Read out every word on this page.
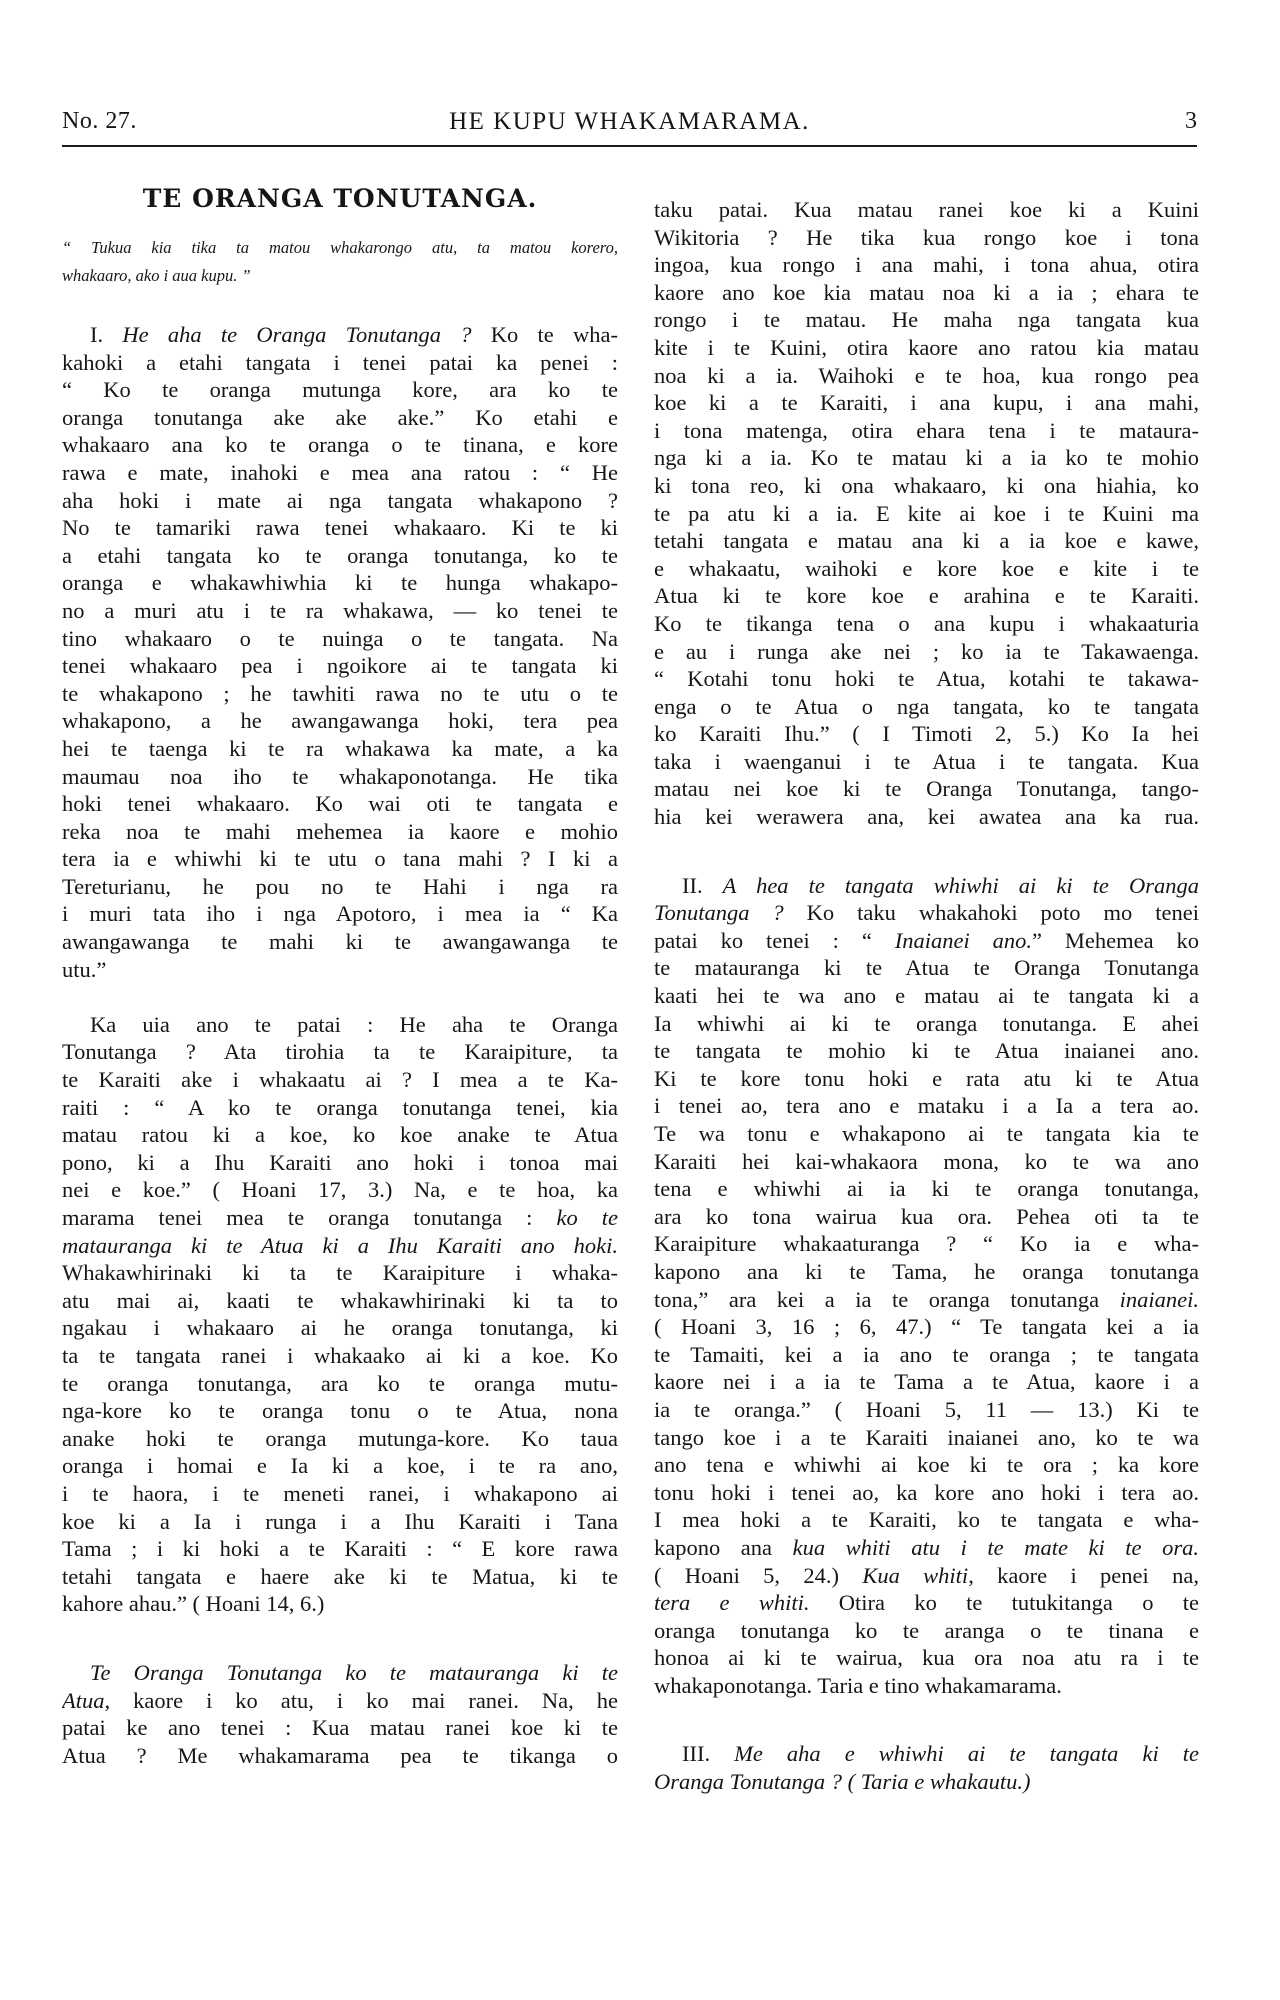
No. 27.	HE KUPU WHAKAMARAMA.	3
TE ORANGA TONUTANGA.
“ Tukua kia tika ta matou whakarongo atu, ta matou korero,
whakaaro, ako i aua kupu. ”
I. He aha te Oranga Tonutanga ? Ko te wha-
kahoki a etahi tangata i tenei patai ka penei :
“ Ko te oranga mutunga kore, ara ko te
oranga tonutanga ake ake ake.” Ko etahi e
whakaaro ana ko te oranga o te tinana, e kore
rawa e mate, inahoki e mea ana ratou : “ He
aha hoki i mate ai nga tangata whakapono ?
No te tamariki rawa tenei whakaaro. Ki te ki
a etahi tangata ko te oranga tonutanga, ko te
oranga e whakawhiwhia ki te hunga whakapo-
no a muri atu i te ra whakawa, — ko tenei te
tino whakaaro o te nuinga o te tangata. Na
tenei whakaaro pea i ngoikore ai te tangata ki
te whakapono ; he tawhiti rawa no te utu o te
whakapono, a he awangawanga hoki, tera pea
hei te taenga ki te ra whakawa ka mate, a ka
maumau noa iho te whakaponotanga. He tika
hoki tenei whakaaro. Ko wai oti te tangata e
reka noa te mahi mehemea ia kaore e mohio
tera ia e whiwhi ki te utu o tana mahi ? I ki a
Tereturianu, he pou no te Hahi i nga ra
i muri tata iho i nga Apotoro, i mea ia “ Ka
awangawanga te mahi ki te awangawanga te
utu.”
Ka uia ano te patai : He aha te Oranga
Tonutanga ? Ata tirohia ta te Karaipiture, ta
te Karaiti ake i whakaatu ai ? I mea a te Ka-
raiti : “ A ko te oranga tonutanga tenei, kia
matau ratou ki a koe, ko koe anake te Atua
pono, ki a Ihu Karaiti ano hoki i tonoa mai
nei e koe.” ( Hoani 17, 3.) Na, e te hoa, ka
marama tenei mea te oranga tonutanga : ko te
matauranga ki te Atua ki a Ihu Karaiti ano hoki.
Whakawhirinaki ki ta te Karaipiture i whaka-
atu mai ai, kaati te whakawhirinaki ki ta to
ngakau i whakaaro ai he oranga tonutanga, ki
ta te tangata ranei i whakaako ai ki a koe. Ko
te oranga tonutanga, ara ko te oranga mutu-
nga-kore ko te oranga tonu o te Atua, nona
anake hoki te oranga mutunga-kore. Ko taua
oranga i homai e Ia ki a koe, i te ra ano,
i te haora, i te meneti ranei, i whakapono ai
koe ki a Ia i runga i a Ihu Karaiti i Tana
Tama ; i ki hoki a te Karaiti : “ E kore rawa
tetahi tangata e haere ake ki te Matua, ki te
kahore ahau.” ( Hoani 14, 6.)
Te Oranga Tonutanga ko te matauranga ki te
Atua, kaore i ko atu, i ko mai ranei. Na, he
patai ke ano tenei : Kua matau ranei koe ki te
Atua ? Me whakamarama pea te tikanga o
taku patai. Kua matau ranei koe ki a Kuini
Wikitoria ? He tika kua rongo koe i tona
ingoa, kua rongo i ana mahi, i tona ahua, otira
kaore ano koe kia matau noa ki a ia ; ehara te
rongo i te matau. He maha nga tangata kua
kite i te Kuini, otira kaore ano ratou kia matau
noa ki a ia. Waihoki e te hoa, kua rongo pea
koe ki a te Karaiti, i ana kupu, i ana mahi,
i tona matenga, otira ehara tena i te mataura-
nga ki a ia. Ko te matau ki a ia ko te mohio
ki tona reo, ki ona whakaaro, ki ona hiahia, ko
te pa atu ki a ia. E kite ai koe i te Kuini ma
tetahi tangata e matau ana ki a ia koe e kawe,
e whakaatu, waihoki e kore koe e kite i te
Atua ki te kore koe e arahina e te Karaiti.
Ko te tikanga tena o ana kupu i whakaaturia
e au i runga ake nei ; ko ia te Takawaenga.
“ Kotahi tonu hoki te Atua, kotahi te takawa-
enga o te Atua o nga tangata, ko te tangata
ko Karaiti Ihu.” ( I Timoti 2, 5.) Ko Ia hei
taka i waenganui i te Atua i te tangata. Kua
matau nei koe ki te Oranga Tonutanga, tango-
hia kei werawera ana, kei awatea ana ka rua.
II. A hea te tangata whiwhi ai ki te Oranga
Tonutanga ? Ko taku whakahoki poto mo tenei
patai ko tenei : “ Inaianei ano.” Mehemea ko
te matauranga ki te Atua te Oranga Tonutanga
kaati hei te wa ano e matau ai te tangata ki a
Ia whiwhi ai ki te oranga tonutanga. E ahei
te tangata te mohio ki te Atua inaianei ano.
Ki te kore tonu hoki e rata atu ki te Atua
i tenei ao, tera ano e mataku i a Ia a tera ao.
Te wa tonu e whakapono ai te tangata kia te
Karaiti hei kai-whakaora mona, ko te wa ano
tena e whiwhi ai ia ki te oranga tonutanga,
ara ko tona wairua kua ora. Pehea oti ta te
Karaipiture whakaaturanga ? “ Ko ia e wha-
kapono ana ki te Tama, he oranga tonutanga
tona,” ara kei a ia te oranga tonutanga inaianei.
( Hoani 3, 16 ; 6, 47.) “ Te tangata kei a ia
te Tamaiti, kei a ia ano te oranga ; te tangata
kaore nei i a ia te Tama a te Atua, kaore i a
ia te oranga.” ( Hoani 5, 11 — 13.) Ki te
tango koe i a te Karaiti inaianei ano, ko te wa
ano tena e whiwhi ai koe ki te ora ; ka kore
tonu hoki i tenei ao, ka kore ano hoki i tera ao.
I mea hoki a te Karaiti, ko te tangata e wha-
kapono ana kua whiti atu i te mate ki te ora.
( Hoani 5, 24.) Kua whiti, kaore i penei na,
tera e whiti. Otira ko te tutukitanga o te
oranga tonutanga ko te aranga o te tinana e
honoa ai ki te wairua, kua ora noa atu ra i te
whakaponotanga. Taria e tino whakamarama.
III. Me aha e whiwhi ai te tangata ki te
Oranga Tonutanga ? ( Taria e whakautu.)
